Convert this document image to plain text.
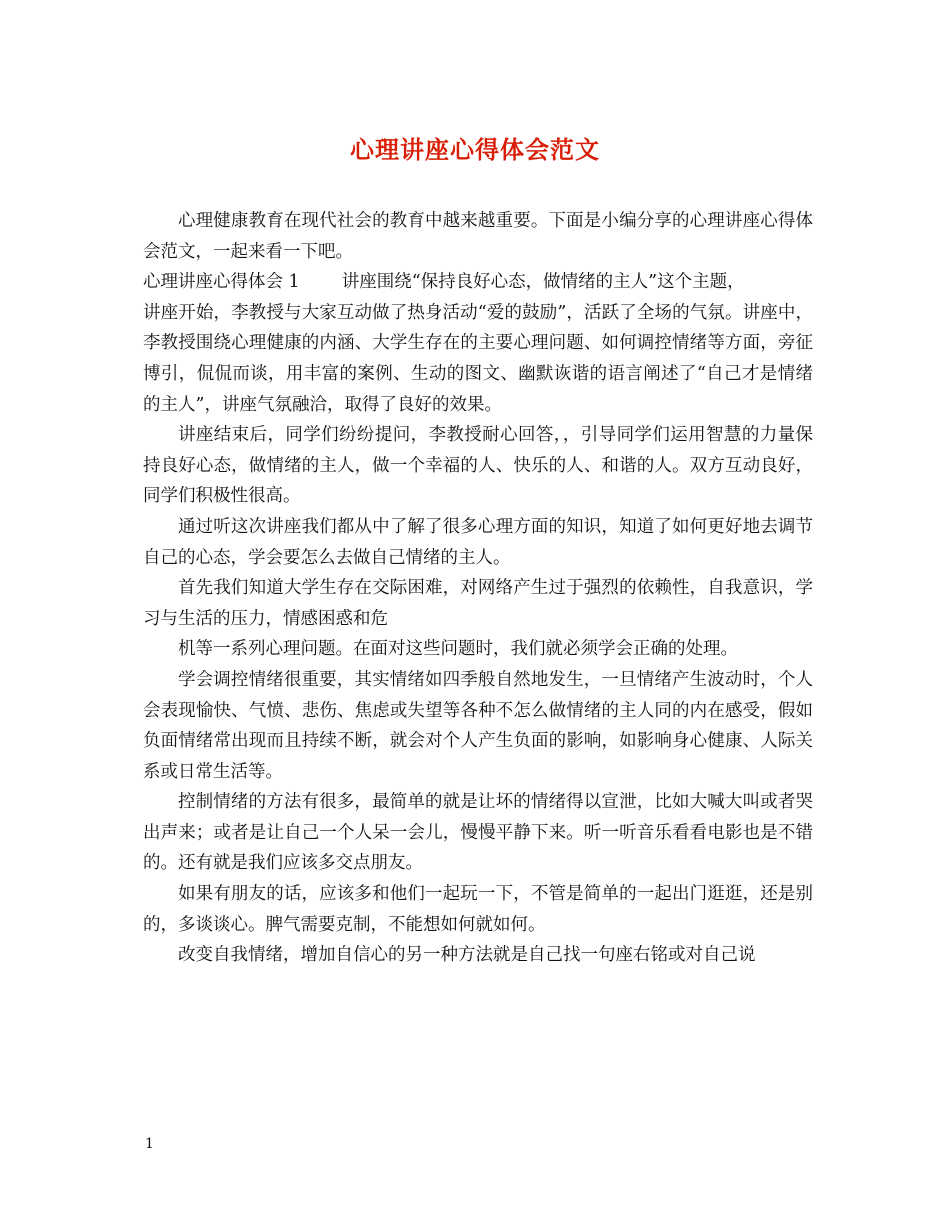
心理讲座心得体会范文

心理健康教育在现代社会的教育中越来越重要。下面是小编分享的心理讲座心得体会范文，一起来看一下吧。

心理讲座心得体会 1 讲座围绕“保持良好心态，做情绪的主人”这个主题，

讲座开始，李教授与大家互动做了热身活动“爱的鼓励”，活跃了全场的气氛。讲座中，李教授围绕心理健康的内涵、大学生存在的主要心理问题、如何调控情绪等方面，旁征博引，侃侃而谈，用丰富的案例、生动的图文、幽默诙谐的语言阐述了“自己才是情绪的主人”，讲座气氛融洽，取得了良好的效果。

讲座结束后，同学们纷纷提问，李教授耐心回答，，引导同学们运用智慧的力量保持良好心态，做情绪的主人，做一个幸福的人、快乐的人、和谐的人。双方互动良好，同学们积极性很高。

通过听这次讲座我们都从中了解了很多心理方面的知识，知道了如何更好地去调节自己的心态，学会要怎么去做自己情绪的主人。

首先我们知道大学生存在交际困难，对网络产生过于强烈的依赖性，自我意识，学习与生活的压力，情感困惑和危

机等一系列心理问题。在面对这些问题时，我们就必须学会正确的处理。

学会调控情绪很重要，其实情绪如四季般自然地发生，一旦情绪产生波动时，个人会表现愉快、气愤、悲伤、焦虑或失望等各种不怎么做情绪的主人同的内在感受，假如负面情绪常出现而且持续不断，就会对个人产生负面的影响，如影响身心健康、人际关系或日常生活等。

控制情绪的方法有很多，最简单的就是让坏的情绪得以宣泄，比如大喊大叫或者哭出声来；或者是让自己一个人呆一会儿，慢慢平静下来。听一听音乐看看电影也是不错的。还有就是我们应该多交点朋友。

如果有朋友的话，应该多和他们一起玩一下，不管是简单的一起出门逛逛，还是别的，多谈谈心。脾气需要克制，不能想如何就如何。

改变自我情绪，增加自信心的另一种方法就是自己找一句座右铭或对自己说

1
